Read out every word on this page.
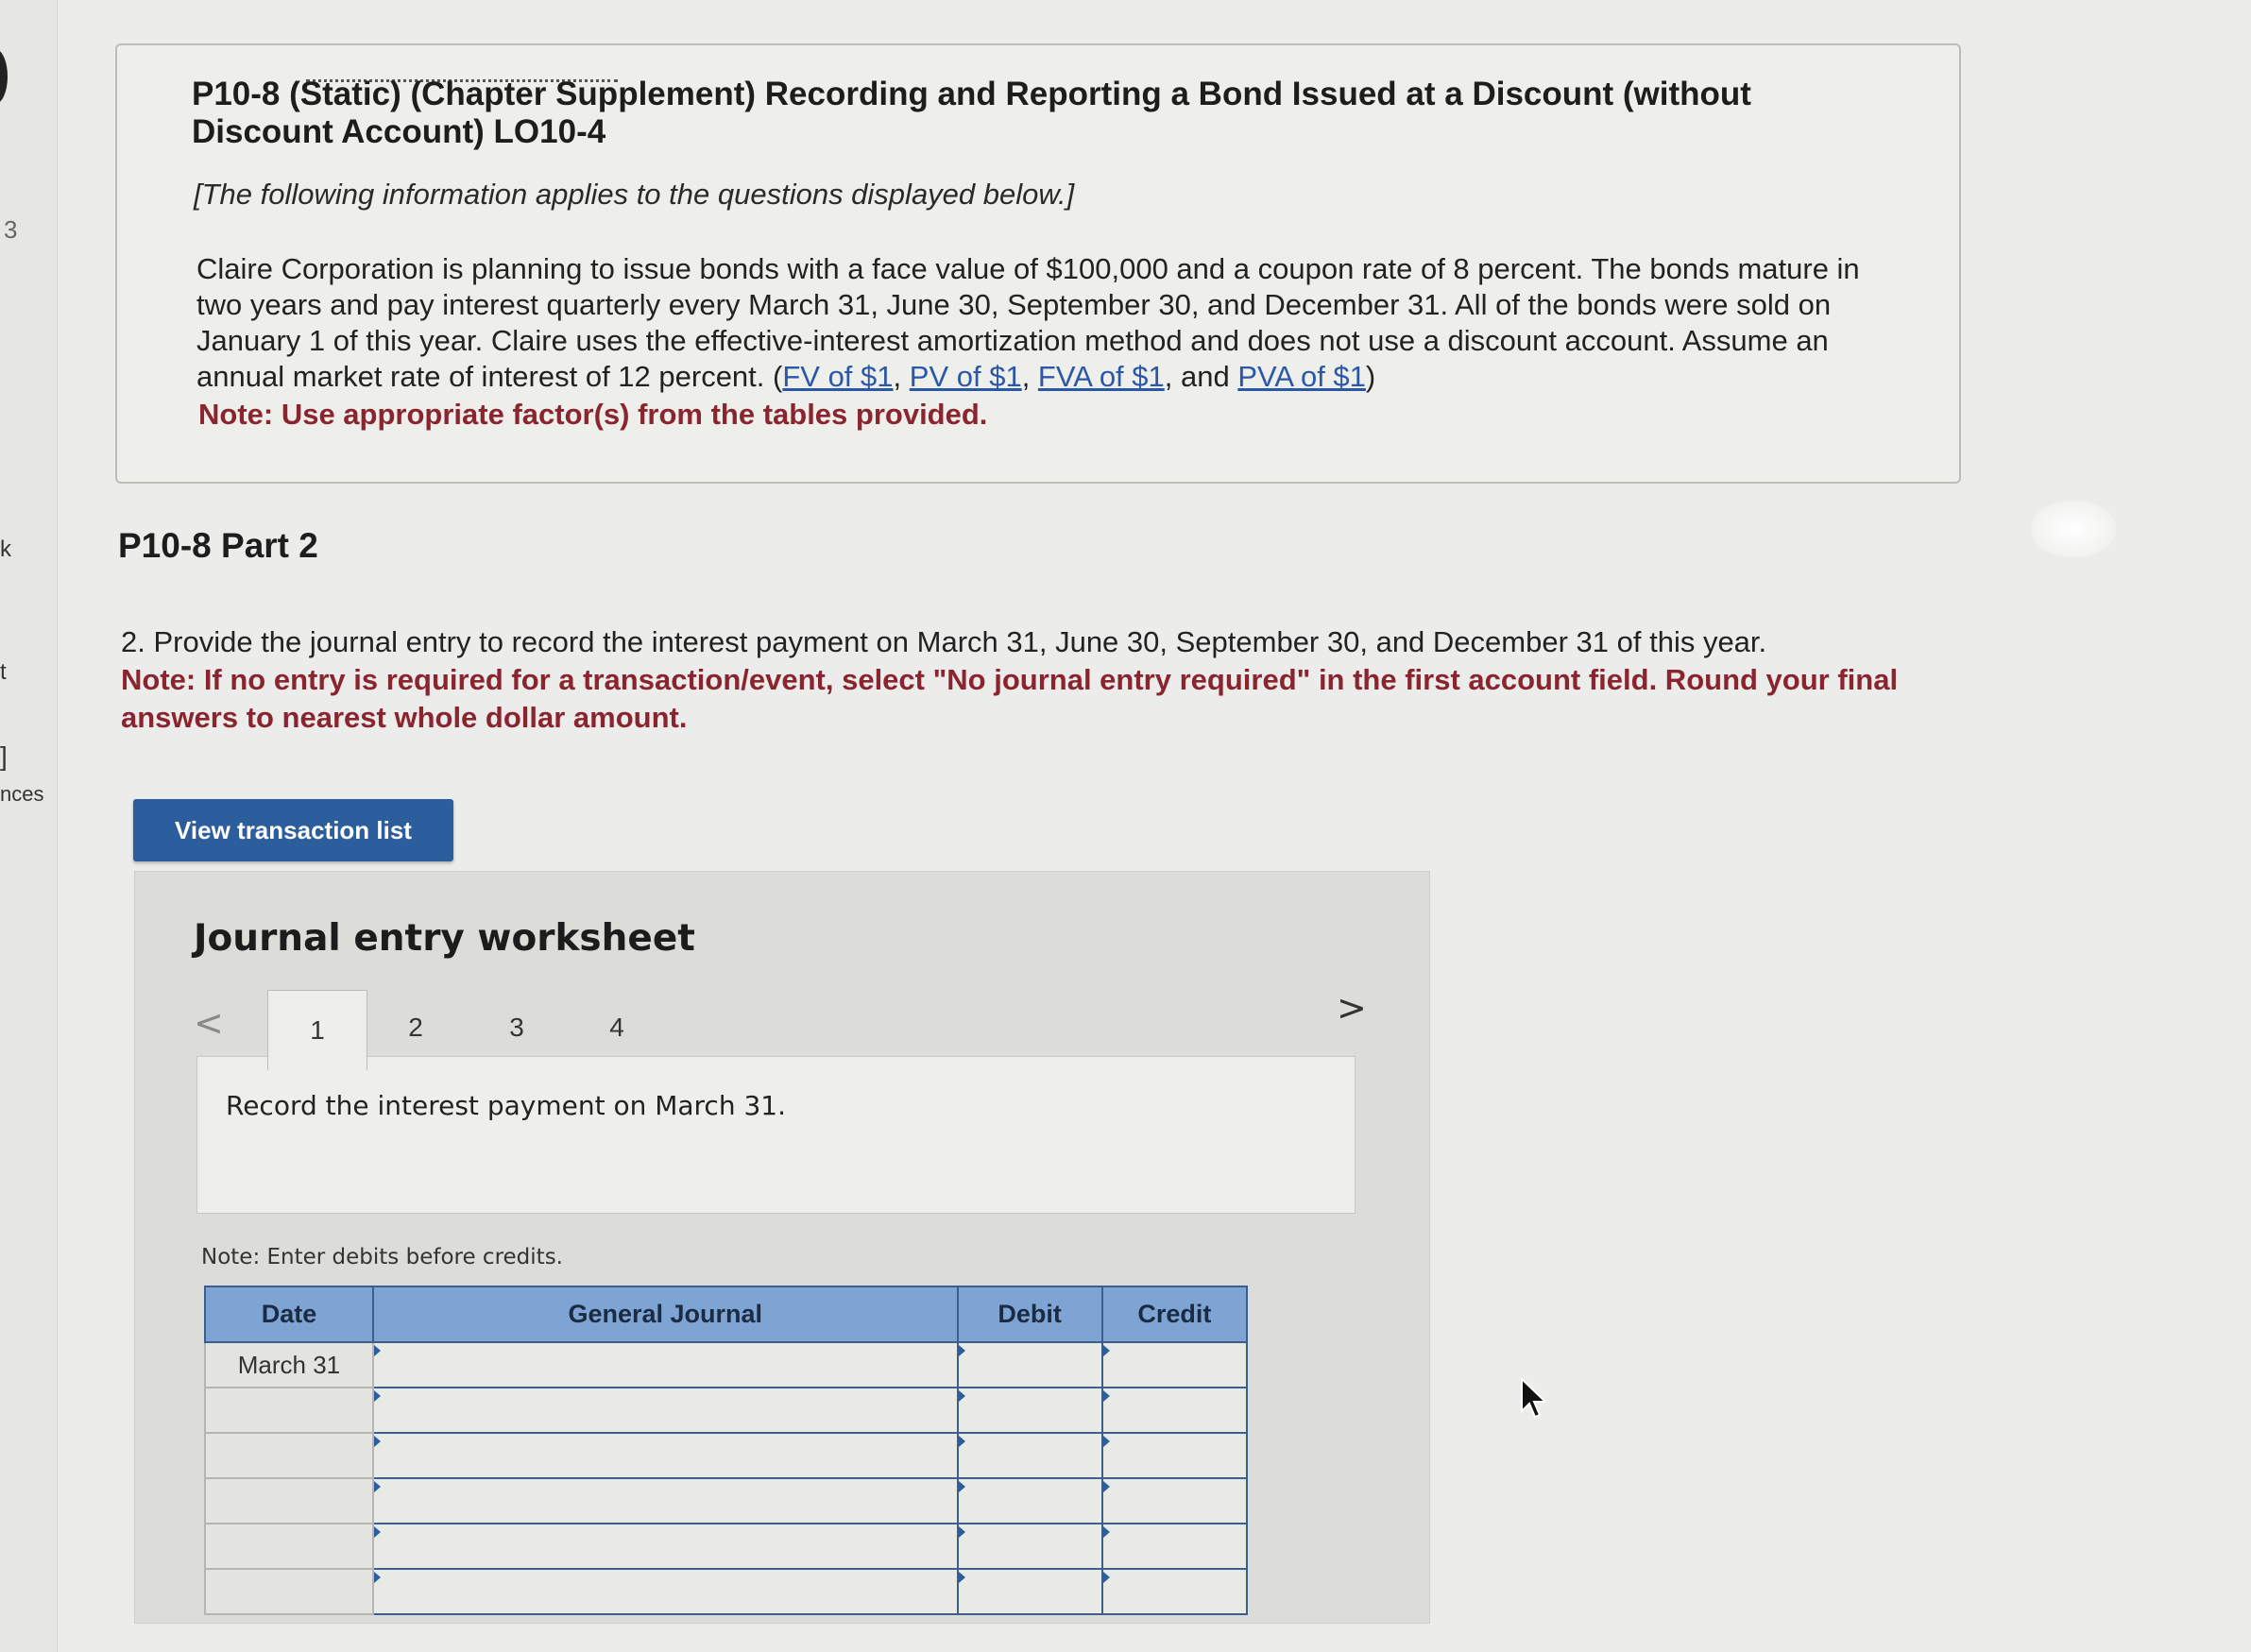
3
k
t
]
nces
P10-8 (Static) (Chapter Supplement) Recording and Reporting a Bond Issued at a Discount (without Discount Account) LO10-4
[The following information applies to the questions displayed below.]
Claire Corporation is planning to issue bonds with a face value of $100,000 and a coupon rate of 8 percent. The bonds mature in two years and pay interest quarterly every March 31, June 30, September 30, and December 31. All of the bonds were sold on January 1 of this year. Claire uses the effective-interest amortization method and does not use a discount account. Assume an annual market rate of interest of 12 percent. (FV of $1, PV of $1, FVA of $1, and PVA of $1)
Note: Use appropriate factor(s) from the tables provided.
P10-8 Part 2
2. Provide the journal entry to record the interest payment on March 31, June 30, September 30, and December 31 of this year.
Note: If no entry is required for a transaction/event, select "No journal entry required" in the first account field. Round your final answers to nearest whole dollar amount.
View transaction list
Journal entry worksheet
<	1	2	3	4	>
Record the interest payment on March 31.
Note: Enter debits before credits.
Date	General Journal	Debit	Credit
March 31			
